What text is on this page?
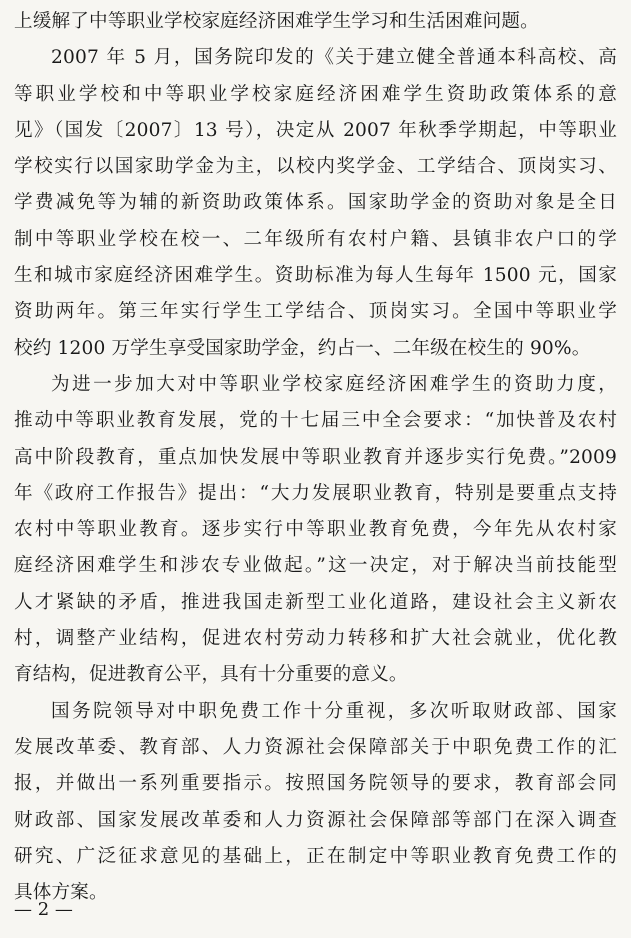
上缓解了中等职业学校家庭经济困难学生学习和生活困难问题。
2007 年 5 月，国务院印发的《关于建立健全普通本科高校、高
等职业学校和中等职业学校家庭经济困难学生资助政策体系的意
见》（国发〔2007〕13 号），决定从 2007 年秋季学期起，中等职业
学校实行以国家助学金为主，以校内奖学金、工学结合、顶岗实习、
学费减免等为辅的新资助政策体系。国家助学金的资助对象是全日
制中等职业学校在校一、二年级所有农村户籍、县镇非农户口的学
生和城市家庭经济困难学生。资助标准为每人生每年 1500 元，国家
资助两年。第三年实行学生工学结合、顶岗实习。全国中等职业学
校约 1200 万学生享受国家助学金，约占一、二年级在校生的 90%。
为进一步加大对中等职业学校家庭经济困难学生的资助力度，
推动中等职业教育发展，党的十七届三中全会要求：“加快普及农村
高中阶段教育，重点加快发展中等职业教育并逐步实行免费。”2009
年《政府工作报告》提出：“大力发展职业教育，特别是要重点支持
农村中等职业教育。逐步实行中等职业教育免费，今年先从农村家
庭经济困难学生和涉农专业做起。”这一决定，对于解决当前技能型
人才紧缺的矛盾，推进我国走新型工业化道路，建设社会主义新农
村，调整产业结构，促进农村劳动力转移和扩大社会就业，优化教
育结构，促进教育公平，具有十分重要的意义。
国务院领导对中职免费工作十分重视，多次听取财政部、国家
发展改革委、教育部、人力资源社会保障部关于中职免费工作的汇
报，并做出一系列重要指示。按照国务院领导的要求，教育部会同
财政部、国家发展改革委和人力资源社会保障部等部门在深入调查
研究、广泛征求意见的基础上，正在制定中等职业教育免费工作的
具体方案。
— 2 —
